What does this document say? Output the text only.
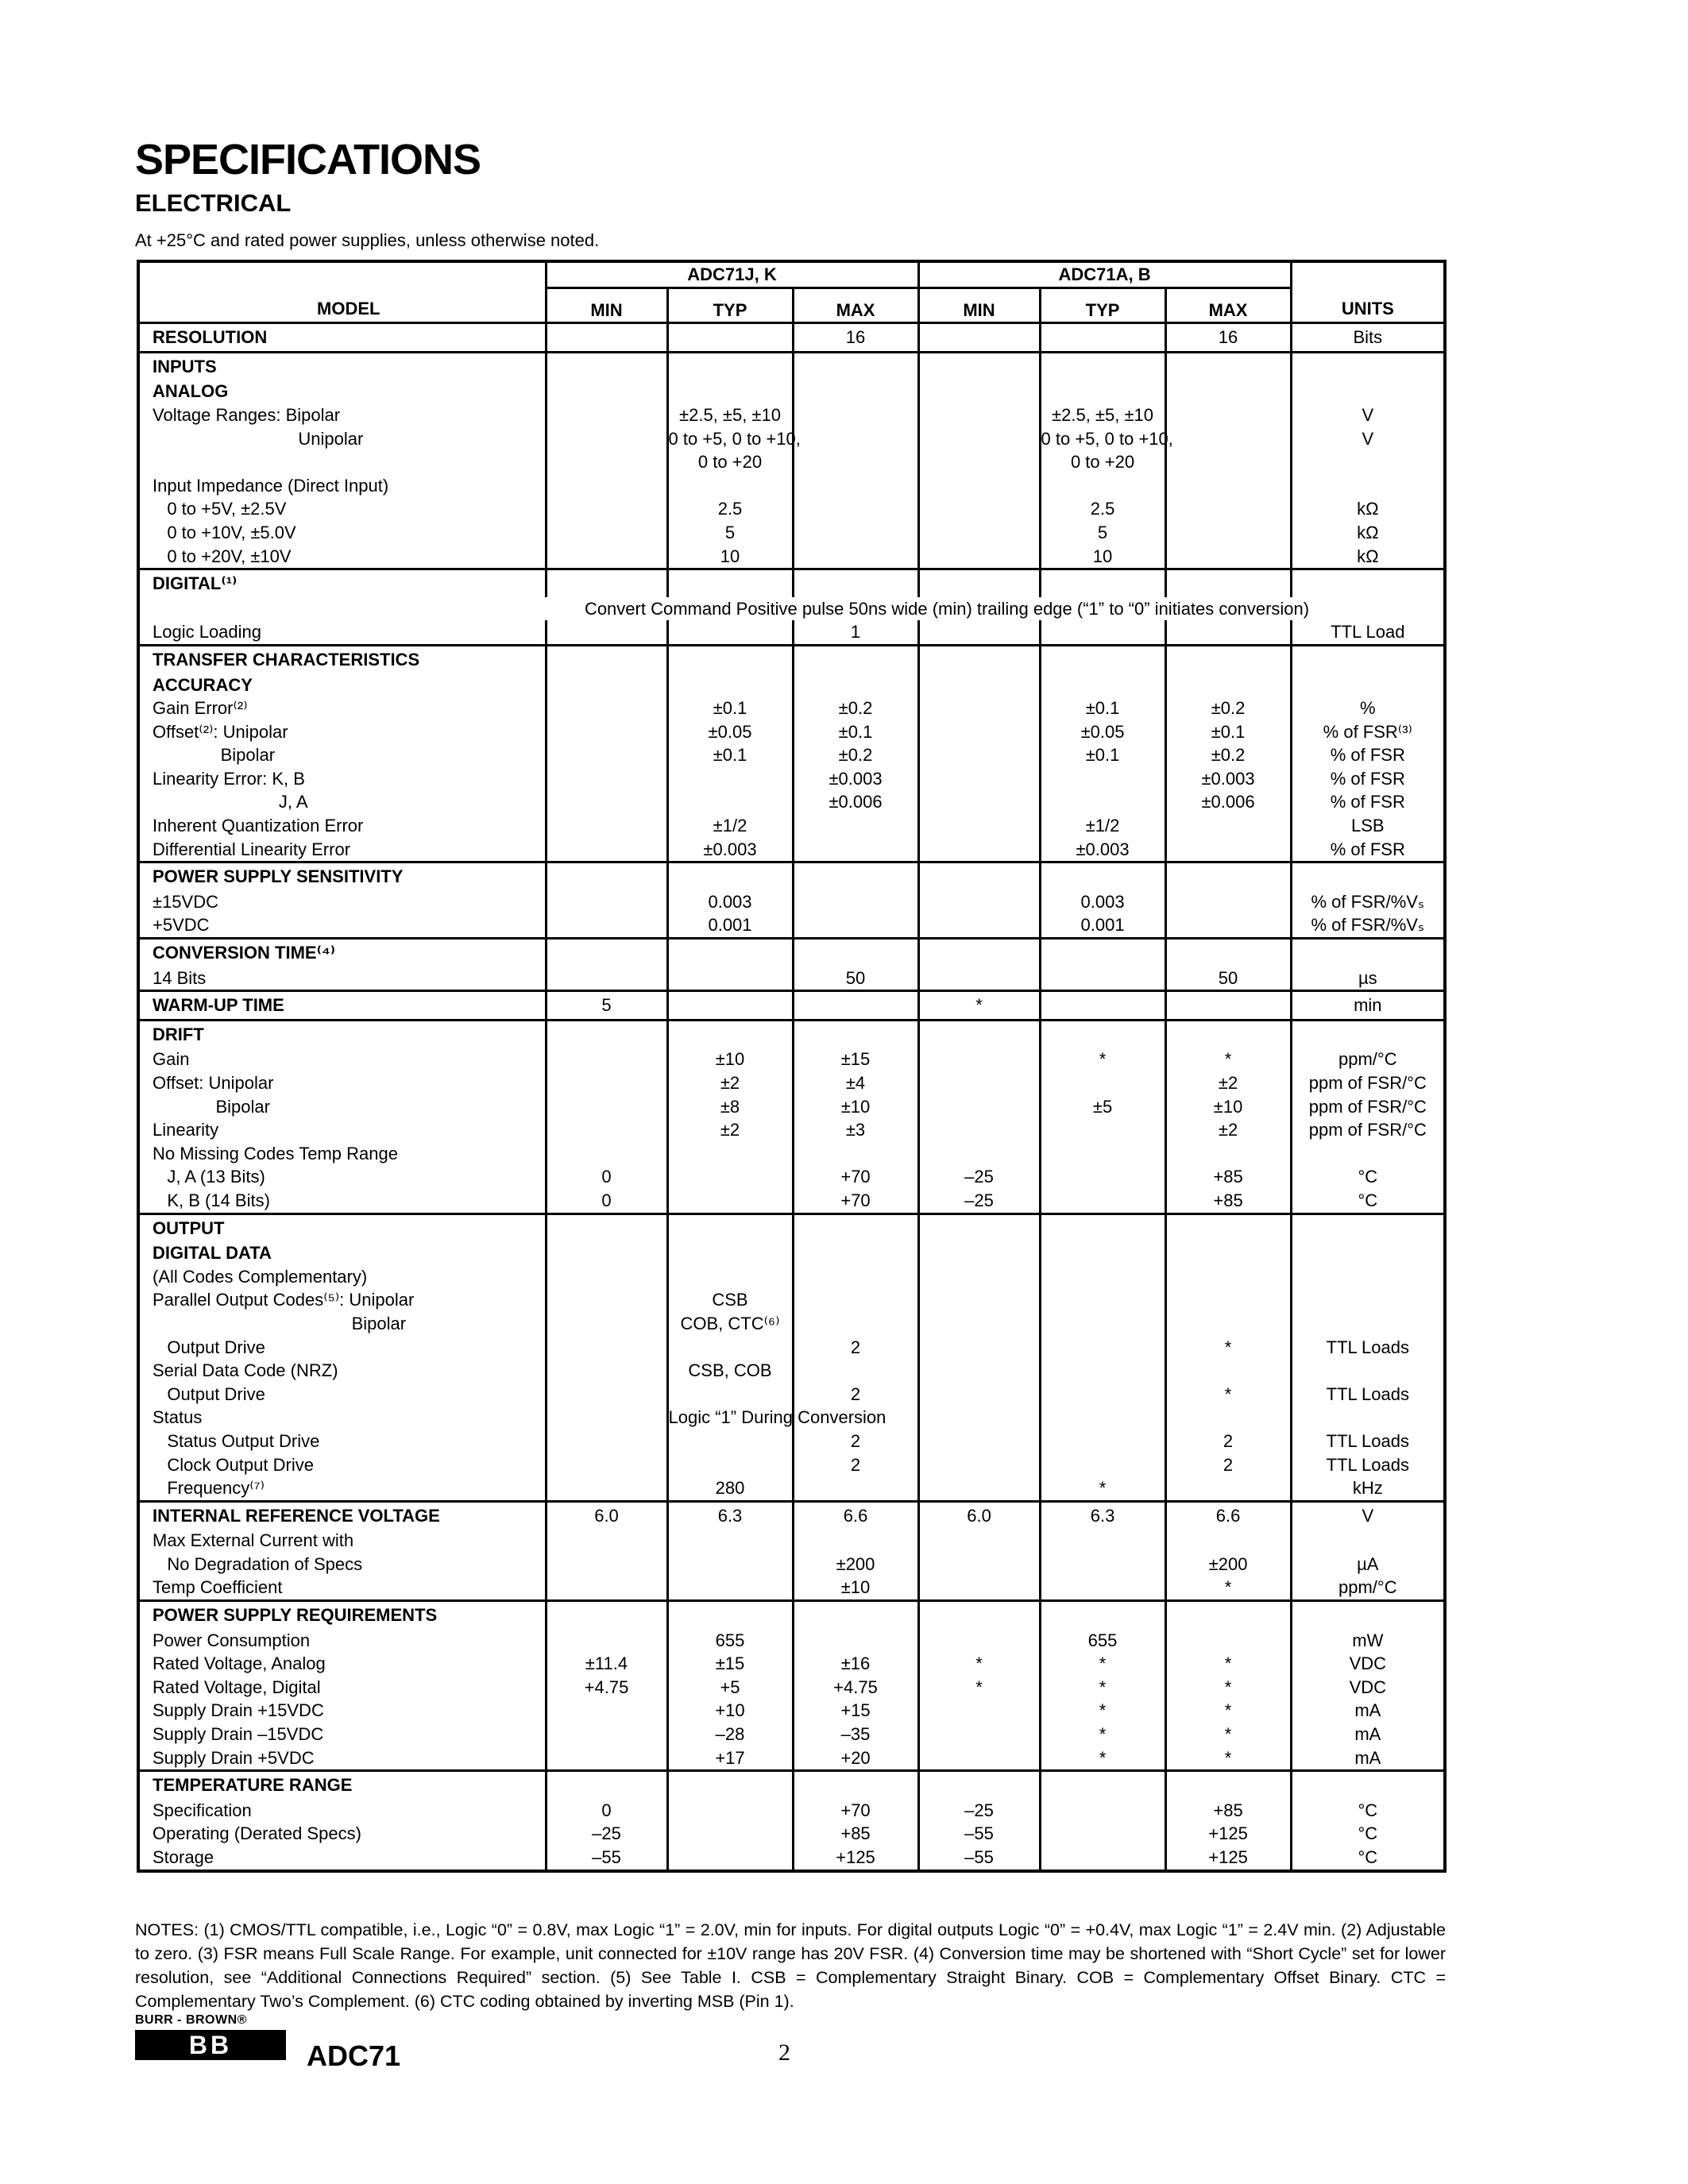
SPECIFICATIONS
ELECTRICAL
At +25°C and rated power supplies, unless otherwise noted.
	ADC71J, K	ADC71A, B	
MODEL	MIN	TYP	MAX	MIN	TYP	MAX	UNITS
RESOLUTION			16			16	Bits
INPUTS							
ANALOG							
Voltage Ranges: Bipolar		±2.5, ±5, ±10			±2.5, ±5, ±10		V
Unipolar		0 to +5, 0 to +10,			0 to +5, 0 to +10,		V
		0 to +20			0 to +20		
Input Impedance (Direct Input)							
0 to +5V, ±2.5V		2.5			2.5		kΩ
0 to +10V, ±5.0V		5			5		kΩ
0 to +20V, ±10V		10			10		kΩ
DIGITAL⁽¹⁾							
	Convert Command Positive pulse 50ns wide (min) trailing edge (“1” to “0” initiates conversion)
Logic Loading			1				TTL Load
TRANSFER CHARACTERISTICS							
ACCURACY							
Gain Error⁽²⁾		±0.1	±0.2		±0.1	±0.2	%
Offset⁽²⁾: Unipolar		±0.05	±0.1		±0.05	±0.1	% of FSR⁽³⁾
Bipolar		±0.1	±0.2		±0.1	±0.2	% of FSR
Linearity Error: K, B			±0.003			±0.003	% of FSR
J, A			±0.006			±0.006	% of FSR
Inherent Quantization Error		±1/2			±1/2		LSB
Differential Linearity Error		±0.003			±0.003		% of FSR
POWER SUPPLY SENSITIVITY							
±15VDC		0.003			0.003		% of FSR/%Vₛ
+5VDC		0.001			0.001		% of FSR/%Vₛ
CONVERSION TIME⁽⁴⁾							
14 Bits			50			50	µs
WARM-UP TIME	5			*			min
DRIFT							
Gain		±10	±15		*	*	ppm/°C
Offset: Unipolar		±2	±4			±2	ppm of FSR/°C
Bipolar		±8	±10		±5	±10	ppm of FSR/°C
Linearity		±2	±3			±2	ppm of FSR/°C
No Missing Codes Temp Range							
J, A (13 Bits)	0		+70	–25		+85	°C
K, B (14 Bits)	0		+70	–25		+85	°C
OUTPUT							
DIGITAL DATA							
(All Codes Complementary)							
Parallel Output Codes⁽⁵⁾: Unipolar		CSB					
Bipolar		COB, CTC⁽⁶⁾					
Output Drive			2			*	TTL Loads
Serial Data Code (NRZ)		CSB, COB					
Output Drive			2			*	TTL Loads
Status		Logic “1” During Conversion					
Status Output Drive			2			2	TTL Loads
Clock Output Drive			2			2	TTL Loads
Frequency⁽⁷⁾		280			*		kHz
INTERNAL REFERENCE VOLTAGE	6.0	6.3	6.6	6.0	6.3	6.6	V
Max External Current with							
No Degradation of Specs			±200			±200	µA
Temp Coefficient			±10			*	ppm/°C
POWER SUPPLY REQUIREMENTS							
Power Consumption		655			655		mW
Rated Voltage, Analog	±11.4	±15	±16	*	*	*	VDC
Rated Voltage, Digital	+4.75	+5	+4.75	*	*	*	VDC
Supply Drain +15VDC		+10	+15		*	*	mA
Supply Drain –15VDC		–28	–35		*	*	mA
Supply Drain +5VDC		+17	+20		*	*	mA
TEMPERATURE RANGE							
Specification	0		+70	–25		+85	°C
Operating (Derated Specs)	–25		+85	–55		+125	°C
Storage	–55		+125	–55		+125	°C
NOTES: (1) CMOS/TTL compatible, i.e., Logic “0” = 0.8V, max Logic “1” = 2.0V, min for inputs. For digital outputs Logic “0” = +0.4V, max Logic “1” = 2.4V min. (2) Adjustable to zero. (3) FSR means Full Scale Range. For example, unit connected for ±10V range has 20V FSR. (4) Conversion time may be shortened with “Short Cycle” set for lower resolution, see “Additional Connections Required” section. (5) See Table I. CSB = Complementary Straight Binary. COB = Complementary Offset Binary. CTC = Complementary Two’s Complement. (6) CTC coding obtained by inverting MSB (Pin 1).
BURR - BROWN®
BB	ADC71	2
